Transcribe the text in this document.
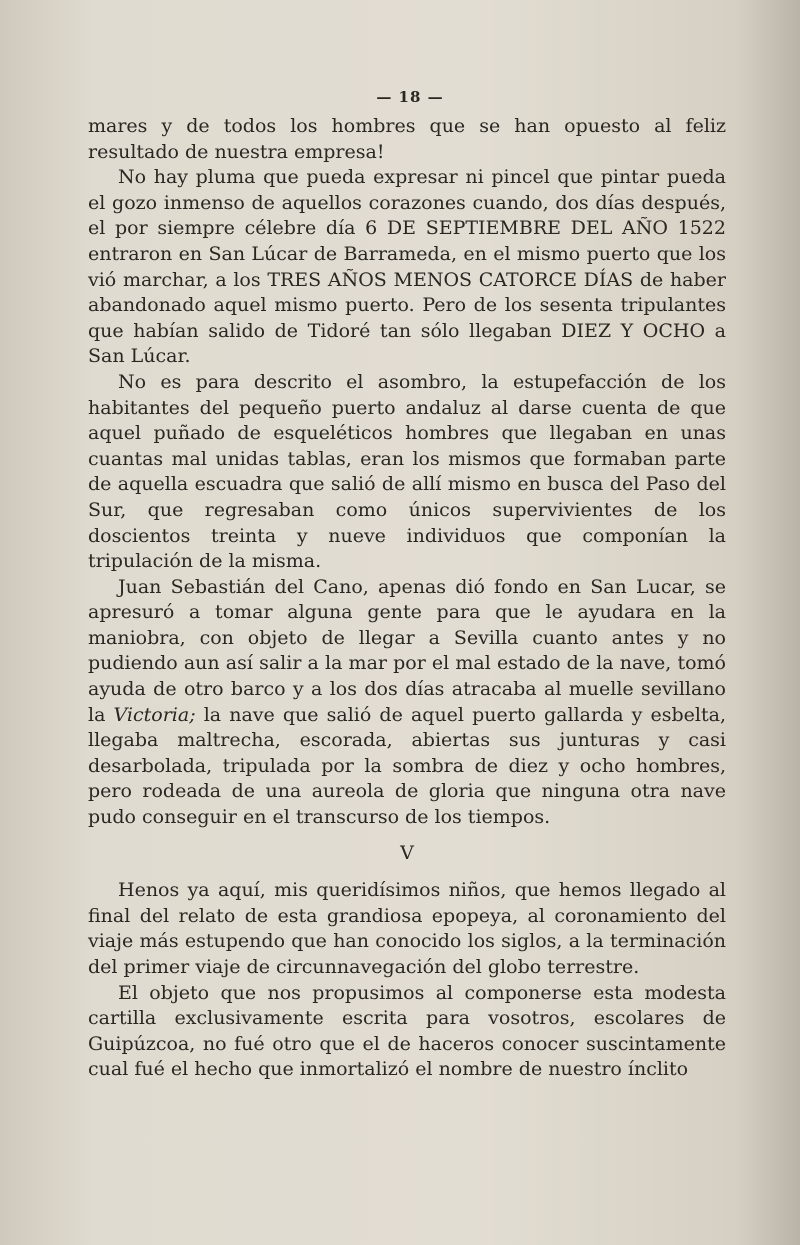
— 18 —

mares y de todos los hombres que se han opuesto al feliz resultado de nuestra empresa!

No hay pluma que pueda expresar ni pincel que pintar pueda el gozo inmenso de aquellos corazones cuando, dos días después, el por siempre célebre día 6 DE SEPTIEMBRE DEL AÑO 1522 entraron en San Lúcar de Barrameda, en el mismo puerto que los vió marchar, a los TRES AÑOS MENOS CATORCE DÍAS de haber abandonado aquel mismo puerto. Pero de los sesenta tripulantes que habían salido de Tidoré tan sólo llegaban DIEZ Y OCHO a San Lúcar.

No es para descrito el asombro, la estupefacción de los habitantes del pequeño puerto andaluz al darse cuenta de que aquel puñado de esqueléticos hombres que llegaban en unas cuantas mal unidas tablas, eran los mismos que formaban parte de aquella escuadra que salió de allí mismo en busca del Paso del Sur, que regresaban como únicos supervivientes de los doscientos treinta y nueve individuos que componían la tripulación de la misma.

Juan Sebastián del Cano, apenas dió fondo en San Lucar, se apresuró a tomar alguna gente para que le ayudara en la maniobra, con objeto de llegar a Sevilla cuanto antes y no pudiendo aun así salir a la mar por el mal estado de la nave, tomó ayuda de otro barco y a los dos días atracaba al muelle sevillano la Victoria; la nave que salió de aquel puerto gallarda y esbelta, llegaba maltrecha, escorada, abiertas sus junturas y casi desarbolada, tripulada por la sombra de diez y ocho hombres, pero rodeada de una aureola de gloria que ninguna otra nave pudo conseguir en el transcurso de los tiempos.

V

Henos ya aquí, mis queridísimos niños, que hemos llegado al final del relato de esta grandiosa epopeya, al coronamiento del viaje más estupendo que han conocido los siglos, a la terminación del primer viaje de circunnavegación del globo terrestre.

El objeto que nos propusimos al componerse esta modesta cartilla exclusivamente escrita para vosotros, escolares de Guipúzcoa, no fué otro que el de haceros conocer suscintamente cual fué el hecho que inmortalizó el nombre de nuestro ínclito
